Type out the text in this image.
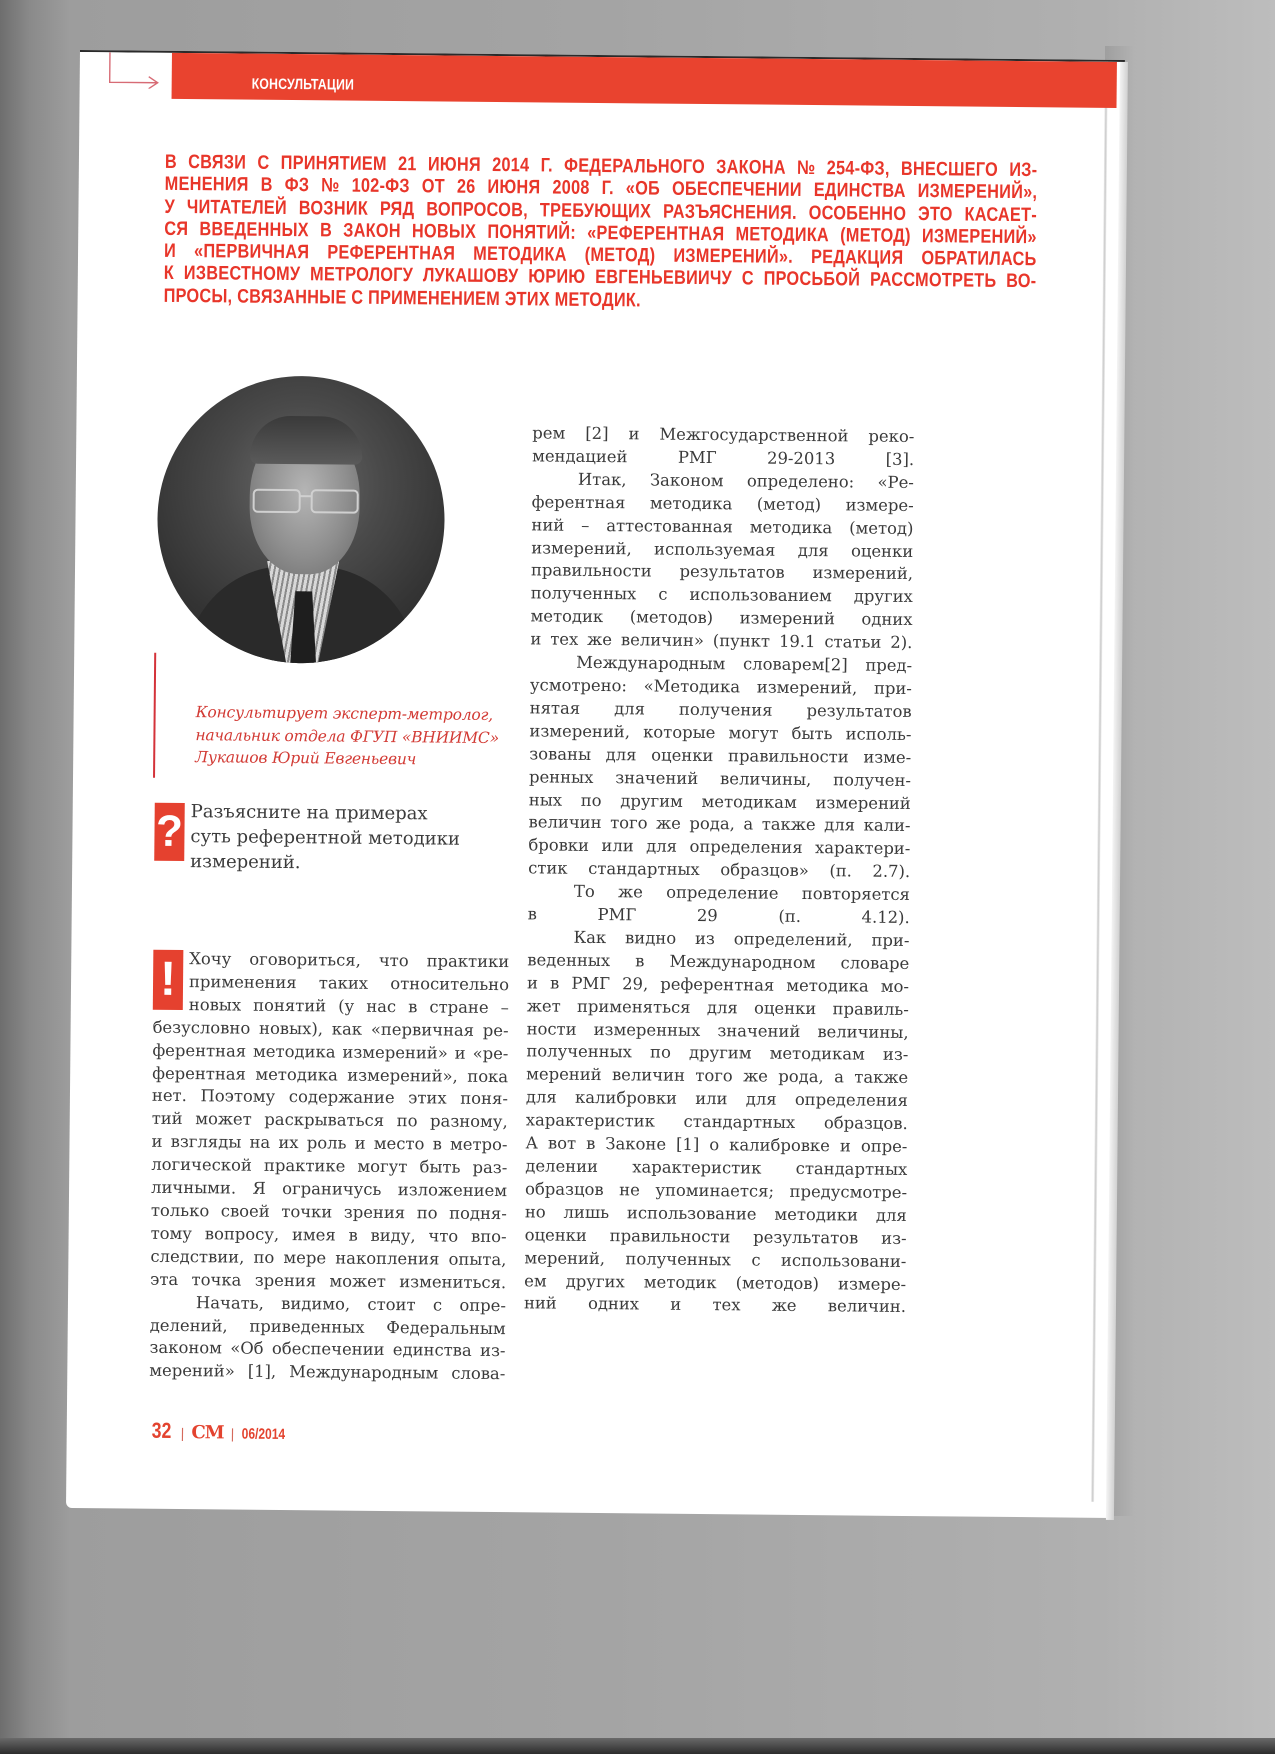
КОНСУЛЬТАЦИИ
В СВЯЗИ С ПРИНЯТИЕМ 21 ИЮНЯ 2014 Г. ФЕДЕРАЛЬНОГО ЗАКОНА № 254-ФЗ, ВНЕСШЕГО ИЗ-
МЕНЕНИЯ В ФЗ № 102-ФЗ ОТ 26 ИЮНЯ 2008 Г. «ОБ ОБЕСПЕЧЕНИИ ЕДИНСТВА ИЗМЕРЕНИЙ»,
У ЧИТАТЕЛЕЙ ВОЗНИК РЯД ВОПРОСОВ, ТРЕБУЮЩИХ РАЗЪЯСНЕНИЯ. ОСОБЕННО ЭТО КАСАЕТ-
СЯ ВВЕДЕННЫХ В ЗАКОН НОВЫХ ПОНЯТИЙ: «РЕФЕРЕНТНАЯ МЕТОДИКА (МЕТОД) ИЗМЕРЕНИЙ»
И «ПЕРВИЧНАЯ РЕФЕРЕНТНАЯ МЕТОДИКА (МЕТОД) ИЗМЕРЕНИЙ». РЕДАКЦИЯ ОБРАТИЛАСЬ
К ИЗВЕСТНОМУ МЕТРОЛОГУ ЛУКАШОВУ ЮРИЮ ЕВГЕНЬЕВИИЧУ С ПРОСЬБОЙ РАССМОТРЕТЬ ВО-
ПРОСЫ, СВЯЗАННЫЕ С ПРИМЕНЕНИЕМ ЭТИХ МЕТОДИК.
Консультирует эксперт-метролог,
начальник отдела ФГУП «ВНИИМС»
Лукашов Юрий Евгеньевич
? Разъясните на примерах
суть референтной методики
измерений.
! Хочу оговориться, что практики
применения таких относительно
новых понятий (у нас в стране –
безусловно новых), как «первичная ре-
ферентная методика измерений» и «ре-
ферентная методика измерений», пока
нет. Поэтому содержание этих поня-
тий может раскрываться по разному,
и взгляды на их роль и место в метро-
логической практике могут быть раз-
личными. Я ограничусь изложением
только своей точки зрения по подня-
тому вопросу, имея в виду, что впо-
следствии, по мере накопления опыта,
эта точка зрения может измениться.
Начать, видимо, стоит с опре-
делений, приведенных Федеральным
законом «Об обеспечении единства из-
мерений» [1], Международным слова-
рем [2] и Межгосударственной реко-
мендацией РМГ 29-2013 [3].
Итак, Законом определено: «Ре-
ферентная методика (метод) измере-
ний – аттестованная методика (метод)
измерений, используемая для оценки
правильности результатов измерений,
полученных с использованием других
методик (методов) измерений одних
и тех же величин» (пункт 19.1 статьи 2).
Международным словарем[2] пред-
усмотрено: «Методика измерений, при-
нятая для получения результатов
измерений, которые могут быть исполь-
зованы для оценки правильности изме-
ренных значений величины, получен-
ных по другим методикам измерений
величин того же рода, а также для кали-
бровки или для определения характери-
стик стандартных образцов» (п. 2.7).
То же определение повторяется
в РМГ 29 (п. 4.12).
Как видно из определений, при-
веденных в Международном словаре
и в РМГ 29, референтная методика мо-
жет применяться для оценки правиль-
ности измеренных значений величины,
полученных по другим методикам из-
мерений величин того же рода, а также
для калибровки или для определения
характеристик стандартных образцов.
А вот в Законе [1] о калибровке и опре-
делении характеристик стандартных
образцов не упоминается; предусмотре-
но лишь использование методики для
оценки правильности результатов из-
мерений, полученных с использовани-
ем других методик (методов) измере-
ний одних и тех же величин.
32 | СМ | 06/2014
